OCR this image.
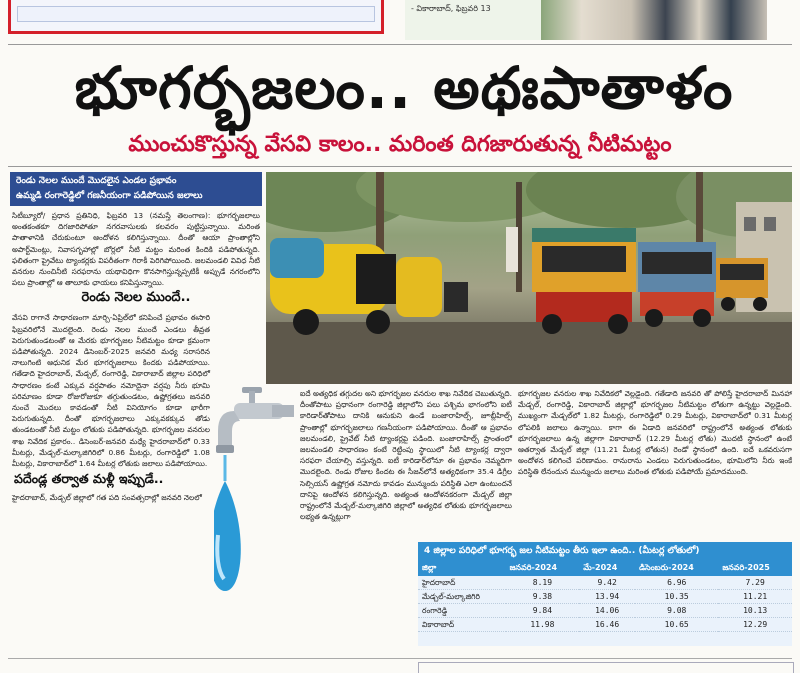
- వికారాబాద్, ఫిబ్రవరి 13
భూగర్భజలం.. అథఃపాతాళం
ముంచుకొస్తున్న వేసవి కాలం.. మరింత దిగజారుతున్న నీటిమట్టం
రెండు నెలల ముందే మొదలైన ఎండల ప్రభావం
ఉమ్మడి రంగారెడ్డిలో గణనీయంగా పడిపోయిన జలాలు
సిటీబ్యూరో/ ప్రధాన ప్రతినిధి, ఫిబ్రవరి 13 (నమస్తే తెలంగాణ): భూగర్భజలాలు అంతకంతకూ దిగజారిపోతూ నగరవాసులకు కలవరం పుట్టిస్తున్నాయి. మరింత పాతాళానికి చేరుకుంటూ ఆందోళన కలిగిస్తున్నాయి. దీంతో ఆయా ప్రాంతాల్లోని అపార్ట్‌మెంట్లు, నివాసగృహాల్లో బోర్లలో నీటి మట్టం మరింత కిందికి పడిపోతున్నది. ఫలితంగా ప్రైవేటు ట్యాంకర్లకు విపరీతంగా గిరాకీ పెరిగిపోయింది. జలమండలి వివిధ నీటి వనరుల నుంచినీటి సరఫరాను యథావిధిగా కొనసాగిస్తున్నప్పటికీ అప్పుడే నగరంలోని పలు ప్రాంతాల్లో ఆ తాలూకు ఛాయలు కనిపిస్తున్నాయి.
రెండు నెలల ముందే..
వేసవి రాగానే సాధారణంగా మార్చి-ఏప్రిల్‌లో కనిపించే ప్రభావం ఈసారి ఫిబ్రవరిలోనే మొదలైంది. రెండు నెలల ముందే ఎండలు తీవ్రత పెరుగుతుండటంతో ఆ మేరకు భూగర్భజల నీటిమట్టం కూడా క్రమంగా పడిపోతున్నది. 2024 డిసెంబర్-2025 జనవరి మధ్య సరాసరిన నాలుగింటి ఆధునిక మేర భూగర్భజలాలు కిందకు పడిపోయాయి. గతేడాది హైదరాబాద్, మేడ్చల్, రంగారెడ్డి, వికారాబాద్ జిల్లాల పరిధిలో సాధారణం కంటే ఎక్కువ వర్షపాతం నమోదైనా వర్షపు నీరు భూమి పరిమాణం కూడా రోజురోజుకూ తగ్గుతుండటం, ఉష్ణోగ్రతలు జనవరి నుంచే మొదలు కావడంతో నీటి వినియోగం కూడా భారీగా పెరుగుతున్నది. దీంతో భూగర్భజలాలు ఎక్కువకక్కువ తోడు తుండటంతో నీటి మట్టం లోతుకు పడిపోతున్నది. భూగర్భజల వనరుల శాఖ నివేదిక ప్రకారం.. డిసెంబర్-జనవరి మధ్యే హైదరాబాద్‌లో 0.33 మీటర్లు, మేడ్చల్-మల్కాజిగిరిలో 0.86 మీటర్లు, రంగారెడ్డిలో 1.08 మీటర్లు, వికారాబాద్‌లో 1.64 మీటర్ల లోతుకు జలాలు పడిపోయాయి.
పదేండ్ల తర్వాత మళ్లీ ఇప్పుడే..
హైదరాబాద్, మేడ్చల్ జిల్లాలో గత పది సంవత్సరాల్లో జనవరి నెలలో
ఐదే అత్యధిక తగ్గుదల అని భూగర్భజల వనరుల శాఖ నివేదిక చెబుతున్నది. దీంతోపాటు ప్రధానంగా రంగారెడ్డి జిల్లాలోని పలు పశ్చిమ భాగంలోని ఐటీ కారిడార్‌తోపాటు దానికి ఆనుకుని ఉండే బంజారాహిల్స్, జూబ్లీహిల్స్ ప్రాంతాల్లో భూగర్భజలాలు గణనీయంగా పడిపోయాయి. దీంతో ఆ ప్రభావం జలమండలి, ప్రైవేట్ నీటి ట్యాంకర్లపై పడింది. బంజారాహిల్స్ ప్రాంతంలో జలమండలి సాధారణం కంటే రెట్టింపు స్థాయిలో నీటి ట్యాంకర్ల ద్వారా సరఫరా చేయాల్సి వస్తున్నది. ఐటీ కారిడార్‌లోనూ ఈ ప్రభావం నెమ్మదిగా మొదలైంది. రెండు రోజుల కిందట ఈ సీజన్‌లోనే అత్యధికంగా 35.4 డిగ్రీల సెల్సియస్ ఉష్ణోగ్రత నమోదు కావడం మున్ముందు పరిస్థితి ఎలా ఉంటుందనే దానిపై ఆందోళన కలిగిస్తున్నది. అత్యంత ఆందోళనకరంగా మేడ్చల్ జిల్లా రాష్ట్రంలోనే మేడ్చల్-మల్కాజిగిరి జిల్లాలో అత్యధిక లోతుకు భూగర్భజలాలు లభ్యత ఉన్నట్లుగా
భూగర్భజల వనరుల శాఖ నివేదికలో వెల్లడైంది. గతేడాది జనవరి తో పోలిస్తే హైదరాబాద్ మినహా మేడ్చల్, రంగారెడ్డి, వికారాబాద్ జిల్లాల్లో భూగర్భజల నీటిమట్టం లోతుగా ఉన్నట్టు వెల్లడైంది. ముఖ్యంగా మేడ్చల్‌లో 1.82 మీటర్లు, రంగారెడ్డిలో 0.29 మీటర్లు, వికారాబాద్‌లో 0.31 మీటర్ల లోపలికి జలాలు ఉన్నాయి. కాగా ఈ ఏడాది జనవరిలో రాష్ట్రంలోనే అత్యంత లోతుకు భూగర్భజలాలు ఉన్న జిల్లాగా వికారాబాద్ (12.29 మీటర్ల లోతు) మొదటి స్థానంలో ఉంటే ఆతర్వాత మేడ్చల్ జిల్లా (11.21 మీటర్ల లోతున) రెండో స్థానంలో ఉంది. ఐదే ఒకవరుసగా అందోళన కలిగించే పరిణామం. రానురాను ఎండలు పెరుగుతుండటం, భూమిలోని నీరు ఇంకే పరిస్థితి లేనందున మున్ముందు జలాలు మరింత లోతుకు పడిపోయే ప్రమాదముంది.
4 జిల్లాల పరిధిలో భూగర్భ జల నీటిమట్టం తీరు ఇలా ఉంది.. (మీటర్ల లోతులో)
జిల్లా	జనవరి-2024	మే-2024	డిసెంబరు-2024	జనవరి-2025
హైదరాబాద్	8.19	9.42	6.96	7.29
మేడ్చల్-మల్కాజిగిరి	9.38	13.94	10.35	11.21
రంగారెడ్డి	9.84	14.06	9.08	10.13
వికారాబాద్	11.98	16.46	10.65	12.29
